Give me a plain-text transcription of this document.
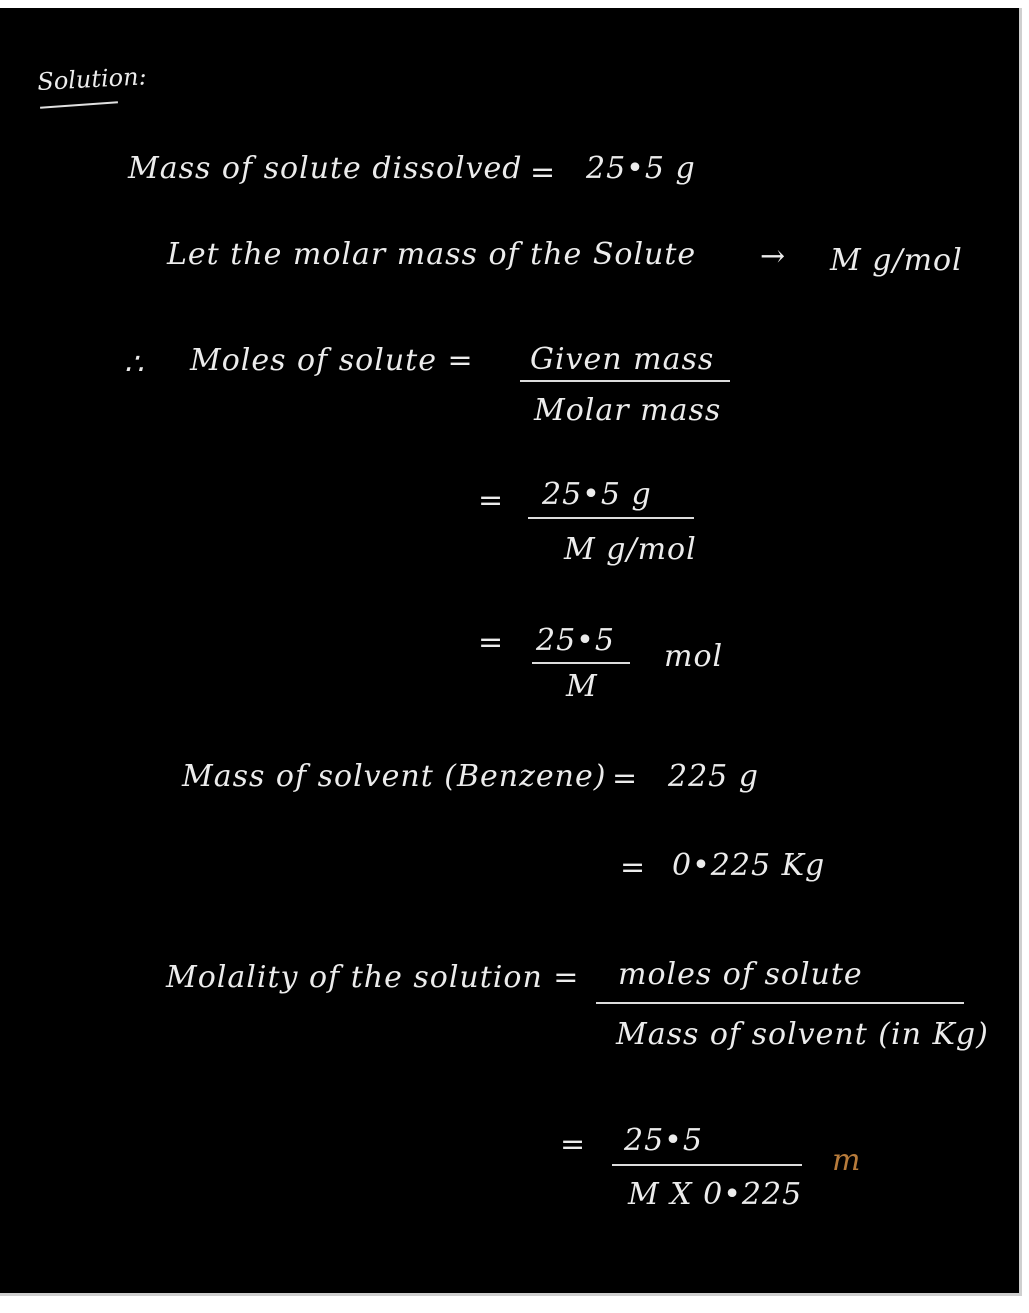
Solution:
Mass of solute dissolved = 25•5 g
Let the molar mass of the Solute → M g/mol
∴ Moles of solute = Given mass
Molar mass
= 25•5 g
M g/mol
= 25•5
M
mol
Mass of solvent (Benzene) = 225 g
= 0•225 Kg
Molality of the solution = moles of solute
Mass of solvent (in Kg)
= 25•5
M X 0•225
m
